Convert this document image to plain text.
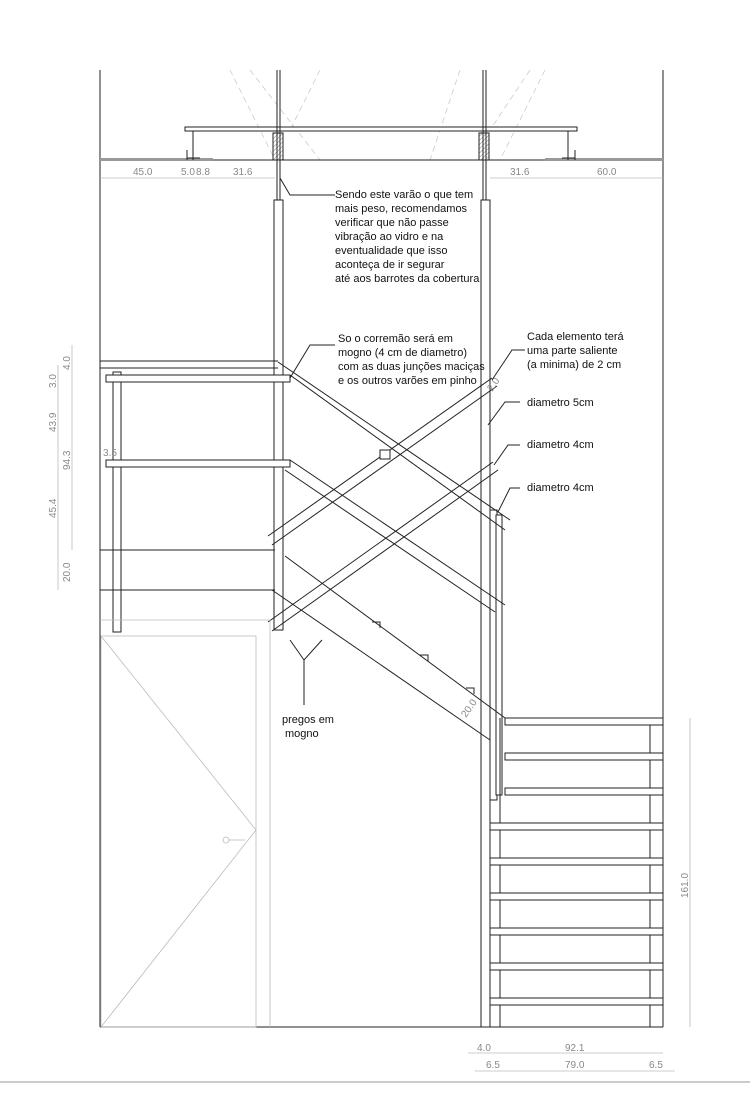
45.0	5.0 8.8 31.6	31.6	60.0
4.0
3.0
43.9
94.3	3.5
45.4
20.0
20.0
2.0
161.0
4.0	92.1
6.5	79.0	6.5
Sendo este varão o que tem mais peso, recomendamos verificar que não passe vibração ao vidro e na eventualidade que isso aconteça de ir segurar até aos barrotes da cobertura
So o corremão será em mogno (4 cm de diametro) com as duas junções maciças e os outros varões em pinho
Cada elemento terá uma parte saliente (a minima) de 2 cm
diametro 5cm
diametro 4cm
diametro 4cm
pregos em mogno
